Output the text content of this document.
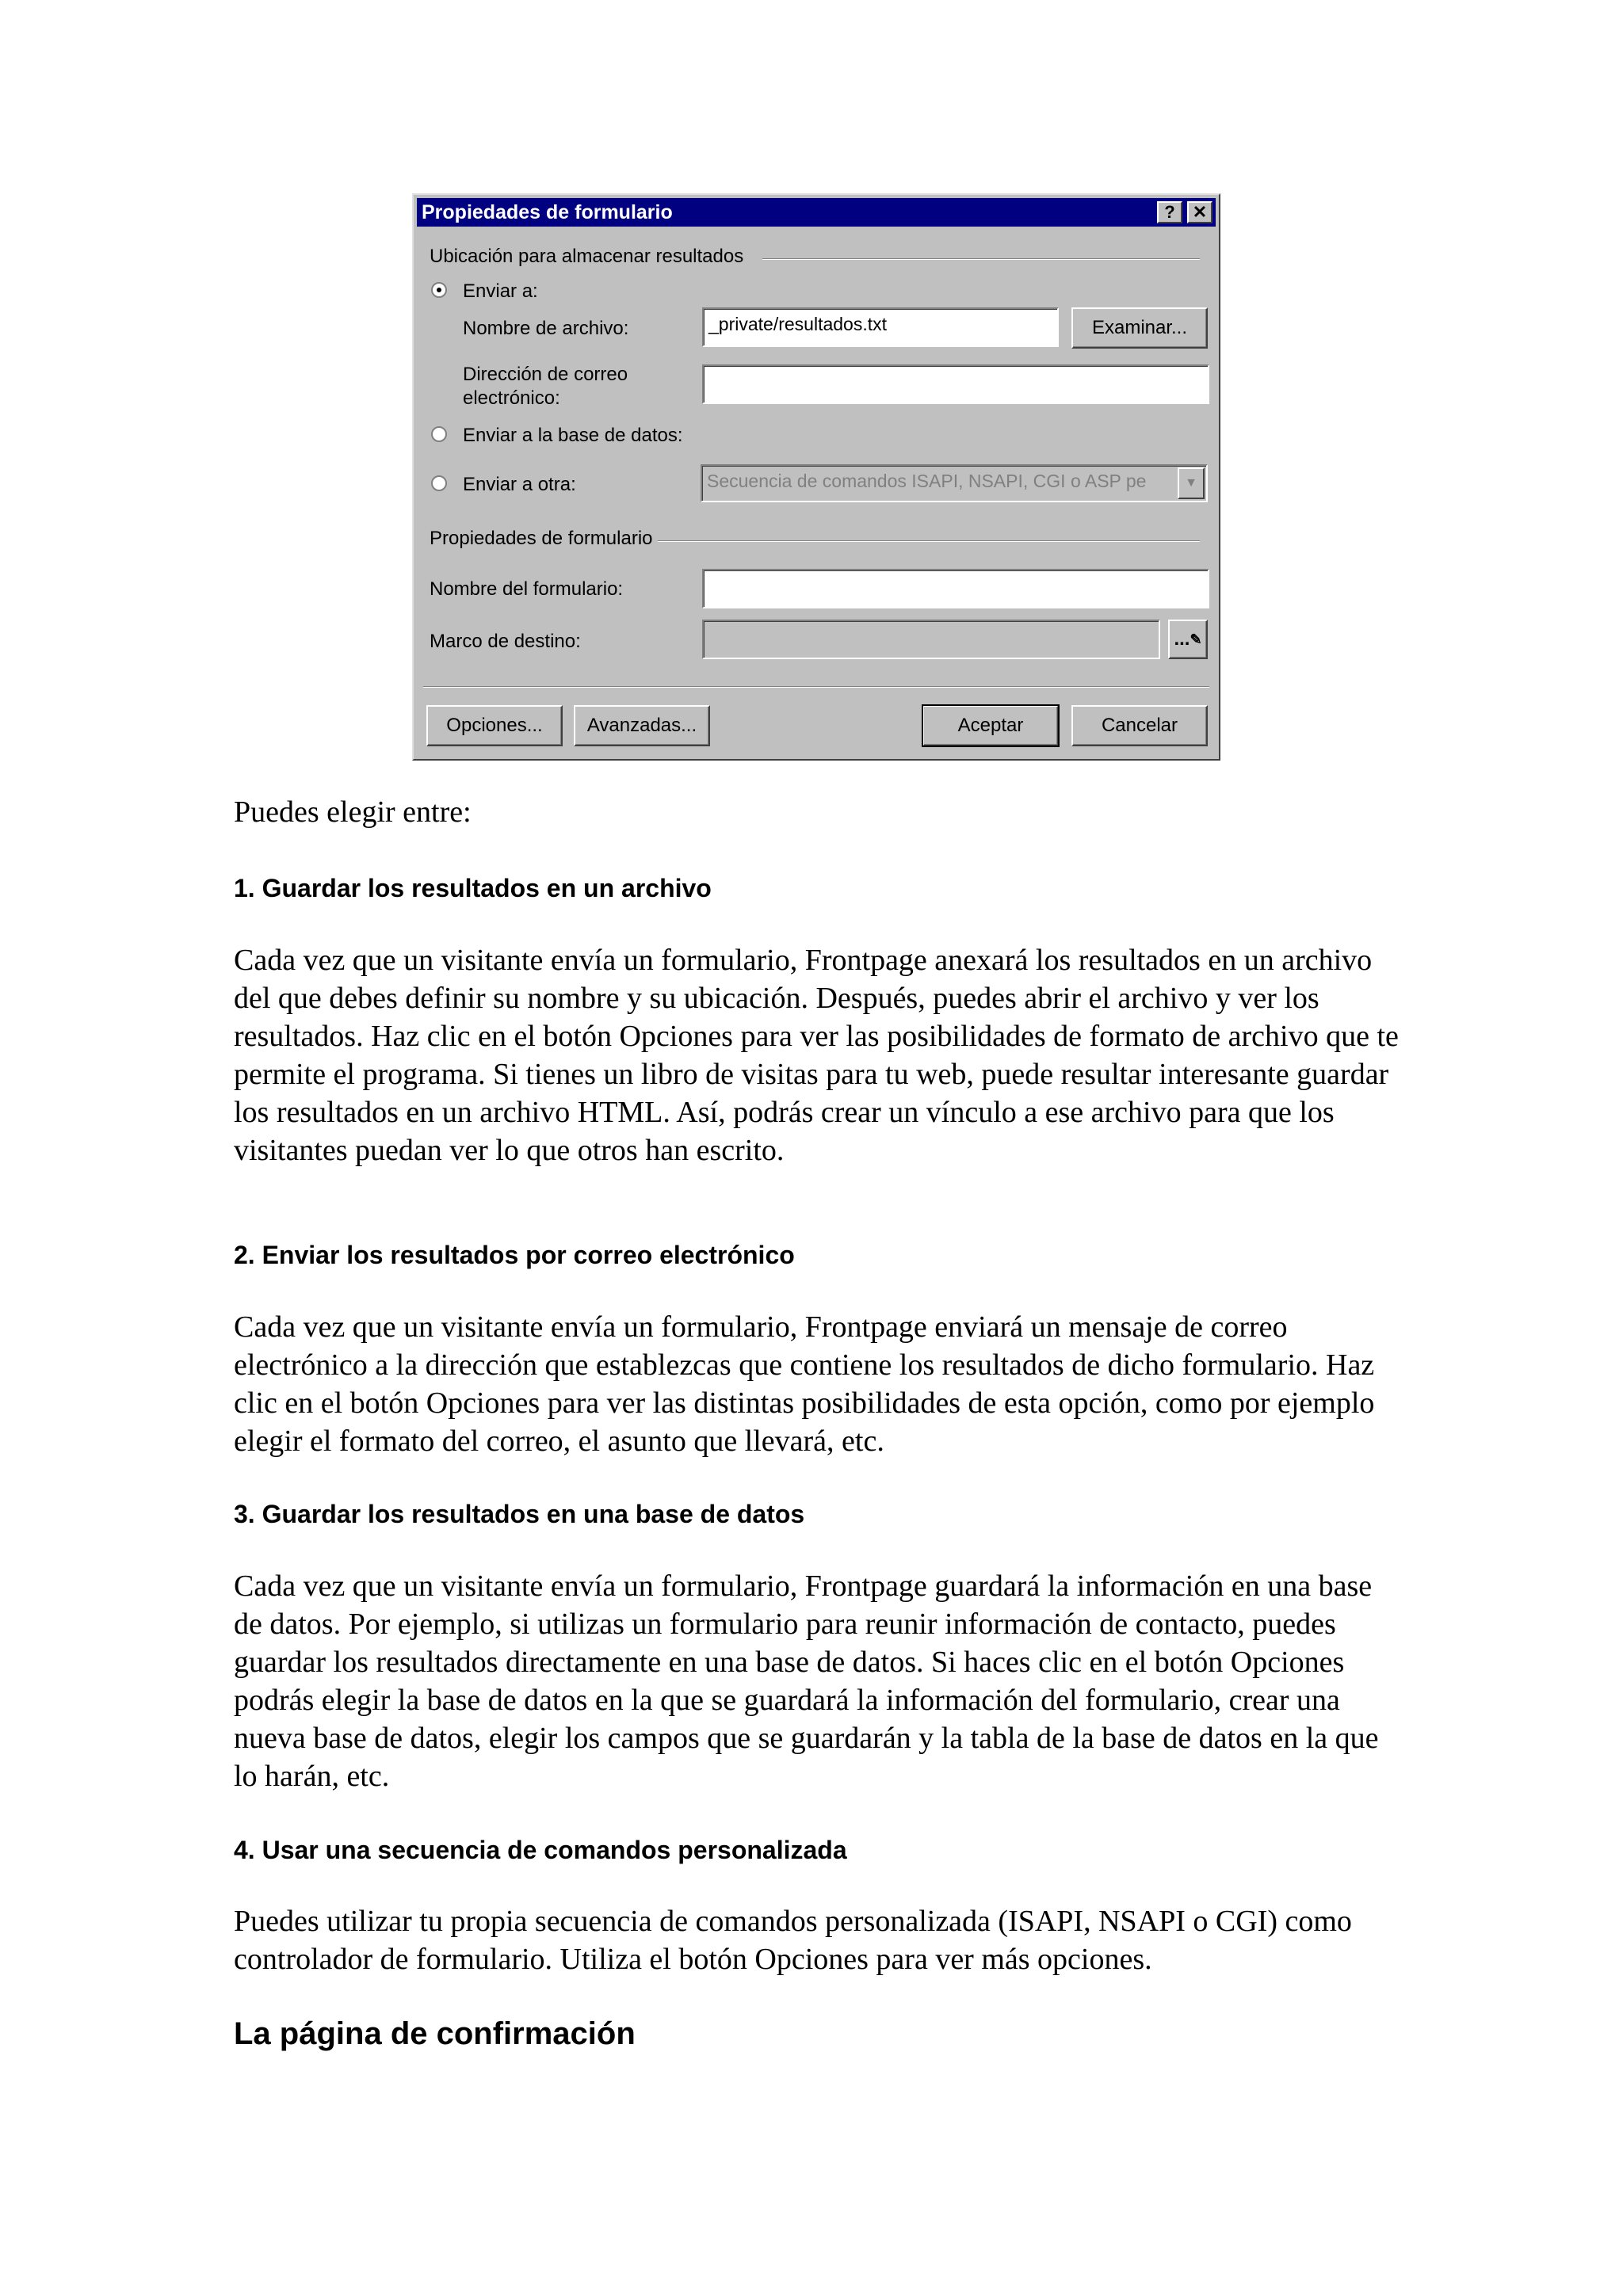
Propiedades de formulario	?	✕
Ubicación para almacenar resultados
Enviar a:
Nombre de archivo:	_private/resultados.txt	Examinar...
Dirección de correo
electrónico:
Enviar a la base de datos:
Enviar a otra:	Secuencia de comandos ISAPI, NSAPI, CGI o ASP pe	▼
Propiedades de formulario
Nombre del formulario:
Marco de destino:	... ✎
Opciones...	Avanzadas...	Aceptar	Cancelar
Puedes elegir entre:
1. Guardar los resultados en un archivo
Cada vez que un visitante envía un formulario, Frontpage anexará los resultados en un archivo del que debes definir su nombre y su ubicación. Después, puedes abrir el archivo y ver los resultados. Haz clic en el botón Opciones para ver las posibilidades de formato de archivo que te permite el programa. Si tienes un libro de visitas para tu web, puede resultar interesante guardar los resultados en un archivo HTML. Así, podrás crear un vínculo a ese archivo para que los visitantes puedan ver lo que otros han escrito.
2. Enviar los resultados por correo electrónico
Cada vez que un visitante envía un formulario, Frontpage enviará un mensaje de correo electrónico a la dirección que establezcas que contiene los resultados de dicho formulario. Haz clic en el botón Opciones para ver las distintas posibilidades de esta opción, como por ejemplo elegir el formato del correo, el asunto que llevará, etc.
3. Guardar los resultados en una base de datos
Cada vez que un visitante envía un formulario, Frontpage guardará la información en una base de datos. Por ejemplo, si utilizas un formulario para reunir información de contacto, puedes guardar los resultados directamente en una base de datos. Si haces clic en el botón Opciones podrás elegir la base de datos en la que se guardará la información del formulario, crear una nueva base de datos, elegir los campos que se guardarán y la tabla de la base de datos en la que lo harán, etc.
4. Usar una secuencia de comandos personalizada
Puedes utilizar tu propia secuencia de comandos personalizada (ISAPI, NSAPI o CGI) como controlador de formulario. Utiliza el botón Opciones para ver más opciones.
La página de confirmación
